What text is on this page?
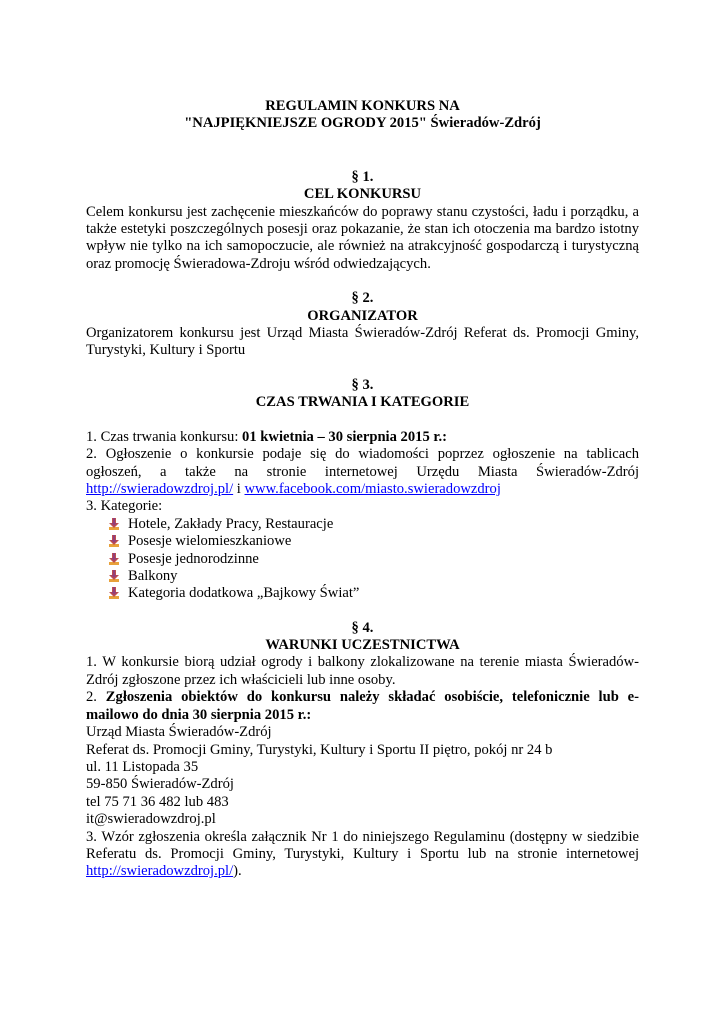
REGULAMIN KONKURS NA
"NAJPIĘKNIEJSZE OGRODY 2015" Świeradów-Zdrój
§ 1.
CEL KONKURSU

Celem konkursu jest zachęcenie mieszkańców do poprawy stanu czystości, ładu i porządku, a także estetyki poszczególnych posesji oraz pokazanie, że stan ich otoczenia ma bardzo istotny wpływ nie tylko na ich samopoczucie, ale również na atrakcyjność gospodarczą i turystyczną oraz promocję Świeradowa-Zdroju wśród odwiedzających.

§ 2.
ORGANIZATOR

Organizatorem konkursu jest Urząd Miasta Świeradów-Zdrój Referat ds. Promocji Gminy, Turystyki, Kultury i Sportu

§ 3.
CZAS TRWANIA I KATEGORIE

1. Czas trwania konkursu: 01 kwietnia – 30 sierpnia 2015 r.:

2. Ogłoszenie o konkursie podaje się do wiadomości poprzez ogłoszenie na tablicach ogłoszeń, a także na stronie internetowej Urzędu Miasta Świeradów-Zdrój http://swieradowzdroj.pl/ i www.facebook.com/miasto.swieradowzdroj

3. Kategorie:

Hotele, Zakłady Pracy, Restauracje
Posesje wielomieszkaniowe
Posesje jednorodzinne
Balkony
Kategoria dodatkowa „Bajkowy Świat”
§ 4.
WARUNKI UCZESTNICTWA

1. W konkursie biorą udział ogrody i balkony zlokalizowane na terenie miasta Świeradów-Zdrój zgłoszone przez ich właścicieli lub inne osoby.

2. Zgłoszenia obiektów do konkursu należy składać osobiście, telefonicznie lub e-mailowo do dnia 30 sierpnia 2015 r.:

Urząd Miasta Świeradów-Zdrój
Referat ds. Promocji Gminy, Turystyki, Kultury i Sportu II piętro, pokój nr 24 b
ul. 11 Listopada 35
59-850 Świeradów-Zdrój
tel 75 71 36 482 lub 483
it@swieradowzdroj.pl

3. Wzór zgłoszenia określa załącznik Nr 1 do niniejszego Regulaminu (dostępny w siedzibie Referatu ds. Promocji Gminy, Turystyki, Kultury i Sportu lub na stronie internetowej http://swieradowzdroj.pl/).
